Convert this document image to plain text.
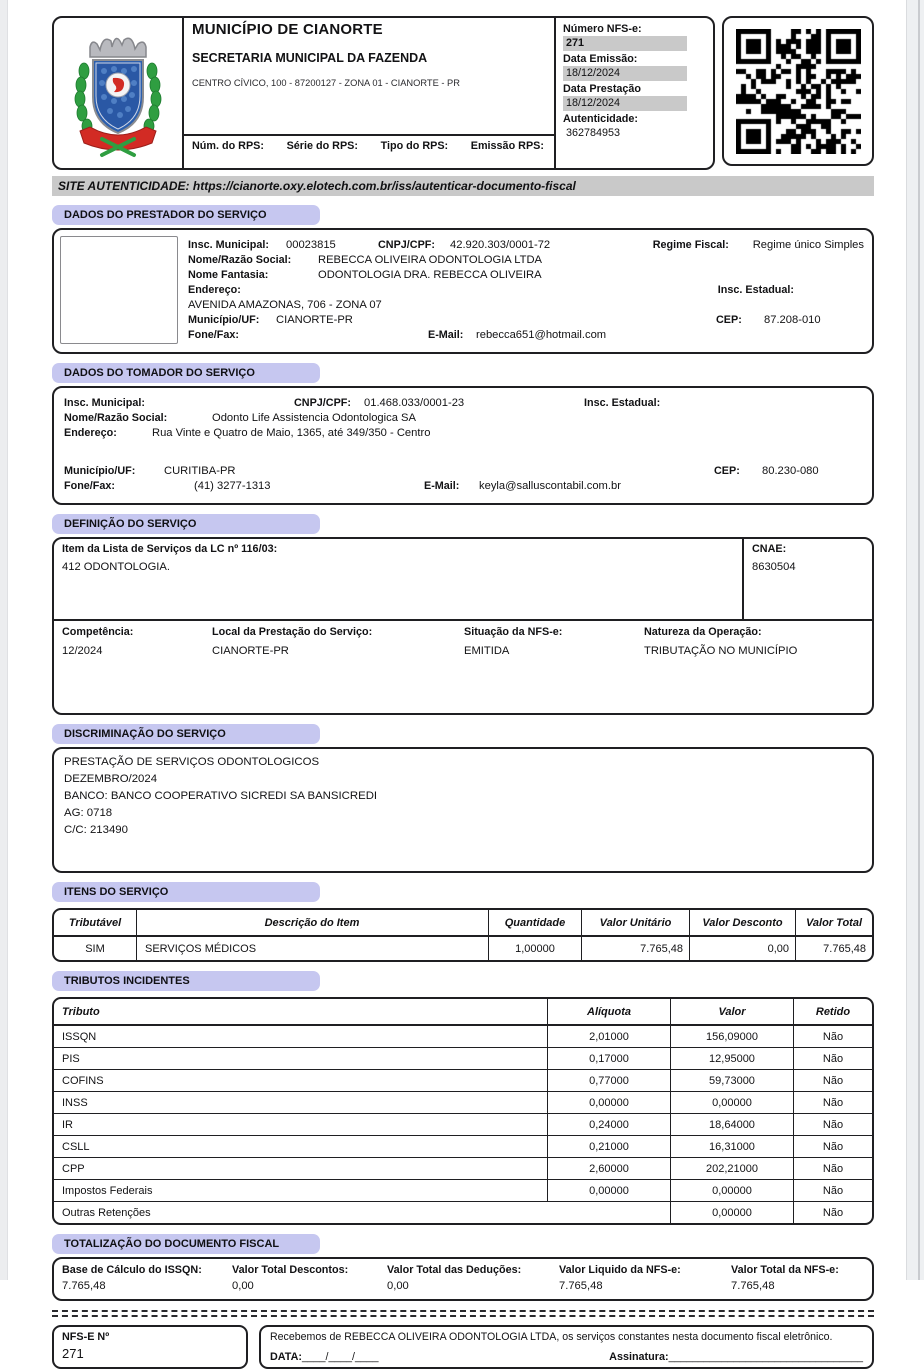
MUNICÍPIO DE CIANORTE
SECRETARIA MUNICIPAL DA FAZENDA
CENTRO CÍVICO, 100 - 87200127 - ZONA 01 - CIANORTE - PR
Núm. do RPS: Série do RPS: Tipo do RPS: Emissão RPS:
Número NFS-e:
271
Data Emissão:
18/12/2024
Data Prestação
18/12/2024
Autenticidade:
362784953
SITE AUTENTICIDADE: https://cianorte.oxy.elotech.com.br/iss/autenticar-documento-fiscal
DADOS DO PRESTADOR DO SERVIÇO
Insc. Municipal:	00023815	CNPJ/CPF:	42.920.303/0001-72	Regime Fiscal:	Regime único Simples
Nome/Razão Social:	REBECCA OLIVEIRA ODONTOLOGIA LTDA
Nome Fantasia:	ODONTOLOGIA DRA. REBECCA OLIVEIRA
Endereço:	Insc. Estadual:
AVENIDA AMAZONAS, 706 - ZONA 07
Município/UF:	CIANORTE-PR	CEP:	87.208-010
Fone/Fax:	E-Mail:	rebecca651@hotmail.com
DADOS DO TOMADOR DO SERVIÇO
Insc. Municipal:	CNPJ/CPF:	01.468.033/0001-23	Insc. Estadual:
Nome/Razão Social:	Odonto Life Assistencia Odontologica SA
Endereço:	Rua Vinte e Quatro de Maio, 1365, até 349/350 - Centro
Município/UF:	CURITIBA-PR	CEP:	80.230-080
Fone/Fax:	(41) 3277-1313	E-Mail:	keyla@salluscontabil.com.br
DEFINIÇÃO DO SERVIÇO
Item da Lista de Serviços da LC nº 116/03:
412 ODONTOLOGIA.
CNAE:
8630504
Competência:
12/2024
Local da Prestação do Serviço:
CIANORTE-PR
Situação da NFS-e:
EMITIDA
Natureza da Operação:
TRIBUTAÇÃO NO MUNICÍPIO
DISCRIMINAÇÃO DO SERVIÇO
PRESTAÇÃO DE SERVIÇOS ODONTOLOGICOS
DEZEMBRO/2024
BANCO: BANCO COOPERATIVO SICREDI SA BANSICREDI
AG: 0718
C/C: 213490
ITENS DO SERVIÇO
Tributável	Descrição do Item	Quantidade	Valor Unitário	Valor Desconto	Valor Total
SIM	SERVIÇOS MÉDICOS	1,00000	7.765,48	0,00	7.765,48
TRIBUTOS INCIDENTES
Tributo	Alíquota	Valor	Retido
ISSQN	2,01000	156,09000	Não
PIS	0,17000	12,95000	Não
COFINS	0,77000	59,73000	Não
INSS	0,00000	0,00000	Não
IR	0,24000	18,64000	Não
CSLL	0,21000	16,31000	Não
CPP	2,60000	202,21000	Não
Impostos Federais	0,00000	0,00000	Não
Outras Retenções		0,00000	Não
TOTALIZAÇÃO DO DOCUMENTO FISCAL
Base de Cálculo do ISSQN:
7.765,48
Valor Total Descontos:
0,00
Valor Total das Deduções:
0,00
Valor Liquido da NFS-e:
7.765,48
Valor Total da NFS-e:
7.765,48
NFS-E Nº
271
Recebemos de REBECCA OLIVEIRA ODONTOLOGIA LTDA, os serviços constantes nesta documento fiscal eletrônico.
DATA: ____/____/____	Assinatura: _________________________________
